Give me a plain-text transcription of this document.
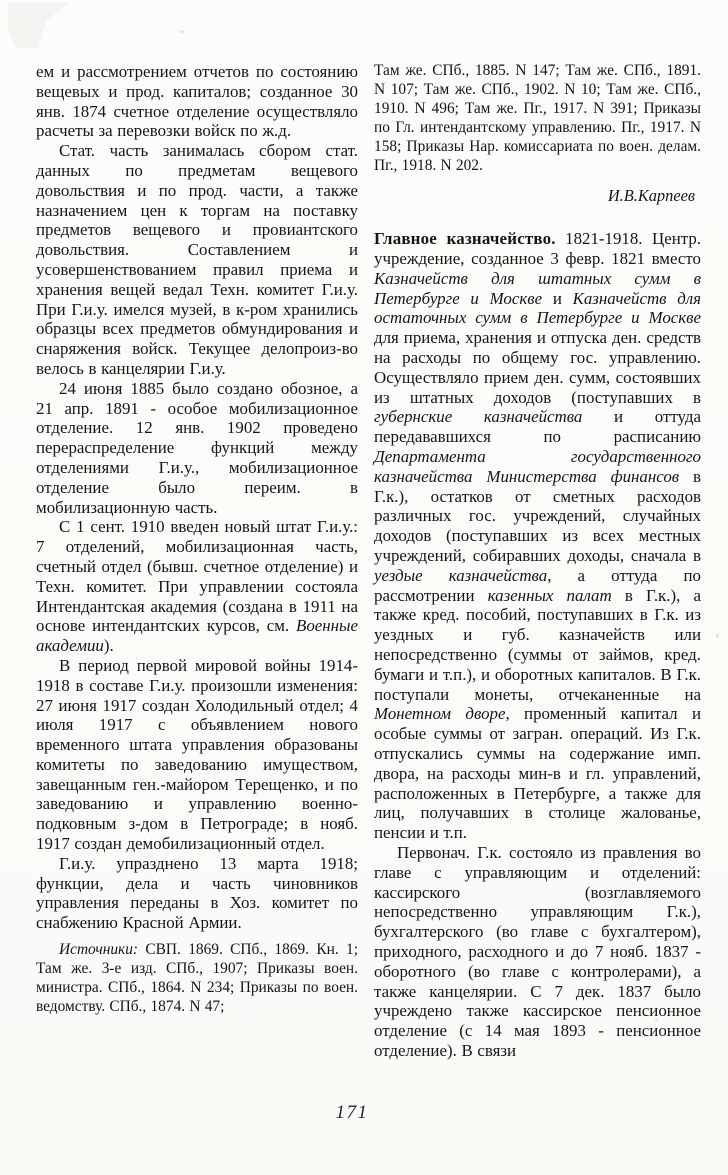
ем и рассмотрением отчетов по состоянию вещевых и прод. капиталов; созданное 30 янв. 1874 счетное отделение осуществляло расчеты за перевозки войск по ж.д.

Стат. часть занималась сбором стат. данных по предметам вещевого довольствия и по прод. части, а также назначением цен к торгам на поставку предметов вещевого и провиантского довольствия. Составлением и усовершенствованием правил приема и хранения вещей ведал Техн. комитет Г.и.у. При Г.и.у. имелся музей, в к-ром хранились образцы всех предметов обмундирования и снаряжения войск. Текущее делопроиз-во велось в канцелярии Г.и.у.

24 июня 1885 было создано обозное, а 21 апр. 1891 - особое мобилизационное отделение. 12 янв. 1902 проведено перераспределение функций между отделениями Г.и.у., мобилизационное отделение было переим. в мобилизационную часть.

С 1 сент. 1910 введен новый штат Г.и.у.: 7 отделений, мобилизационная часть, счетный отдел (бывш. счетное отделение) и Техн. комитет. При управлении состояла Интендантская академия (создана в 1911 на основе интендантских курсов, см. Военные академии).

В период первой мировой войны 1914-1918 в составе Г.и.у. произошли изменения: 27 июня 1917 создан Холодильный отдел; 4 июля 1917 с объявлением нового временного штата управления образованы комитеты по заведованию имуществом, завещанным ген.-майором Терещенко, и по заведованию и управлению военно-подковным з-дом в Петрограде; в нояб. 1917 создан демобилизационный отдел.

Г.и.у. упразднено 13 марта 1918; функции, дела и часть чиновников управления переданы в Хоз. комитет по снабжению Красной Армии.

Источники: СВП. 1869. СПб., 1869. Кн. 1; Там же. 3-е изд. СПб., 1907; Приказы воен. министра. СПб., 1864. N 234; Приказы по воен. ведомству. СПб., 1874. N 47;

Там же. СПб., 1885. N 147; Там же. СПб., 1891. N 107; Там же. СПб., 1902. N 10; Там же. СПб., 1910. N 496; Там же. Пг., 1917. N 391; Приказы по Гл. интендантскому управлению. Пг., 1917. N 158; Приказы Нар. комиссариата по воен. делам. Пг., 1918. N 202.

И.В.Карпеев

Главное казначейство. 1821-1918. Центр. учреждение, созданное 3 февр. 1821 вместо Казначейств для штатных сумм в Петербурге и Москве и Казначейств для остаточных сумм в Петербурге и Москве для приема, хранения и отпуска ден. средств на расходы по общему гос. управлению. Осуществляло прием ден. сумм, состоявших из штатных доходов (поступавших в губернские казначейства и оттуда передававшихся по расписанию Департамента государственного казначейства Министерства финансов в Г.к.), остатков от сметных расходов различных гос. учреждений, случайных доходов (поступавших из всех местных учреждений, собиравших доходы, сначала в уездые казначейства, а оттуда по рассмотрении казенных палат в Г.к.), а также кред. пособий, поступавших в Г.к. из уездных и губ. казначейств или непосредственно (суммы от займов, кред. бумаги и т.п.), и оборотных капиталов. В Г.к. поступали монеты, отчеканенные на Монетном дворе, променный капитал и особые суммы от загран. операций. Из Г.к. отпускались суммы на содержание имп. двора, на расходы мин-в и гл. управлений, расположенных в Петербурге, а также для лиц, получавших в столице жалованье, пенсии и т.п.

Первонач. Г.к. состояло из правления во главе с управляющим и отделений: кассирского (возглавляемого непосредственно управляющим Г.к.), бухгалтерского (во главе с бухгалтером), приходного, расходного и до 7 нояб. 1837 - оборотного (во главе с контролерами), а также канцелярии. С 7 дек. 1837 было учреждено также кассирское пенсионное отделение (с 14 мая 1893 - пенсионное отделение). В связи

171
